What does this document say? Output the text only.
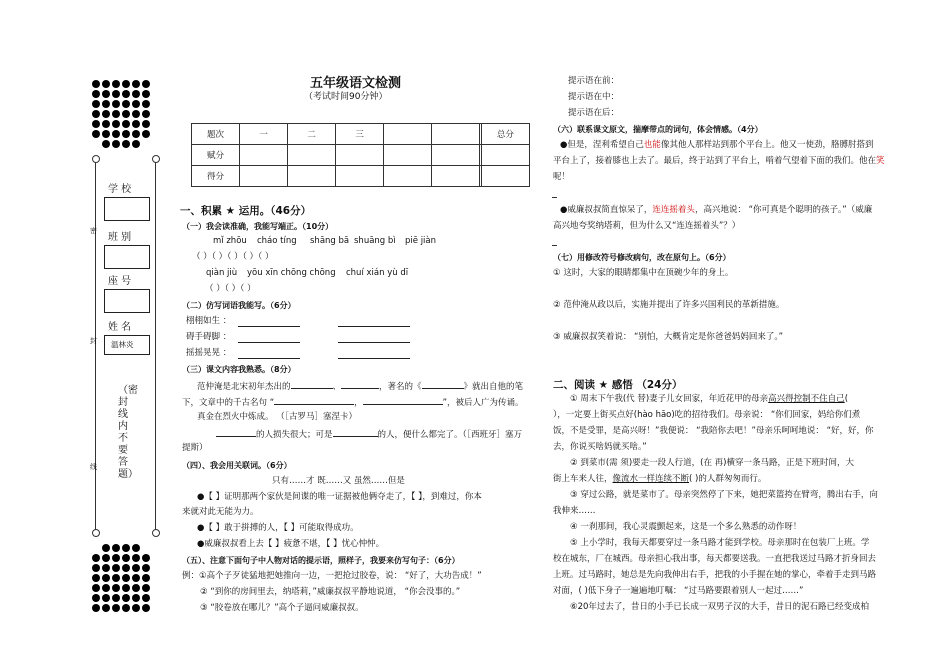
密
封
线
学 校
班 别
座 号
姓 名
温林炎
（密封线内不要答题）
五年级语文检测
（考试时间90分钟）
题次	一	二	三				总分
赋分							
得分							
一、积累 ★ 运用。（46分）
（一）我会读准确，我能写端正。（10分）
mǐ zhōu cháo tíng shāng bā shuāng bì piē jiàn
（ ）（ ）（ ）（ ）（ ）
qiàn jiù yōu xīn chōng chōng chuí xián yù dī
（ ）（ ）（ ）
（二）仿写词语我能写。（6分）
栩栩如生 ：
碍手碍脚 ：
摇摇晃晃 ：
（三）课文内容我熟悉。（8分）
范仲淹是北宋初年杰出的	、	，著名的《	》就出自他的笔
下，文章中的千古名句 “	，	”，被后人广为传诵。
真金在烈火中炼成。 （［古罗马］塞涅卡）
的人损失很大；可是	的人，便什么都完了。（［西班牙］塞万
提斯）
（四）、我会用关联词。（6分）
只有……才 既……又 虽然……但是
●【 】证明那两个家伙是间谍的唯一证据被他俩夺走了，【 】，到难过，你本
来就对此无能为力。
●【 】敢于拼搏的人，【 】可能取得成功。
●威廉叔叔看上去【 】疲惫不堪，【 】忧心忡忡。
（五）、注意下面句子中人物对话的提示语，照样子，我要来仿写句子：（6分）
例：①高个子歹徒猛地把她推向一边，一把抢过胶卷，说： “好了，大功告成！”
② “到你的房间里去，纳塔莉，”威廉叔叔平静地说道， “你会没事的。”
③ “胶卷放在哪儿？”高个子逼问威廉叔叔。
提示语在前：
提示语在中：
提示语在后：
（六）联系课文原文，揣摩带点的词句，体会情感。（4分）
●但是，涅利希望自己也能像其他人那样站到那个平台上。他又一使劲，胳膊肘搭到
平台上了，接着膝也上去了。最后，终于站到了平台上，啃着气望着下面的我们。他在笑
呢！
●威廉叔叔简直惊呆了，连连摇着头，高兴地说： “你可真是个聪明的孩子。”（威廉
高兴地夸奖纳塔莉，但为什么又“连连摇着头”？）
（七）用修改符号修改病句，改在原句上。（6分）
① 这时，大家的眼睛都集中在顶碗少年的身上。
② 范仲淹从政以后，实施并提出了许多兴国利民的革新措施。
③ 威廉叔叔笑着说： “别怕，大概肯定是你爸爸妈妈回来了。”
二、阅读 ★ 感悟 （24分）
① 周末下午我(代 替)妻子儿女回家，年近花甲的母亲高兴得控制不住自己(
），一定要上街买点好(hào hāo)吃的招待我们。母亲说： “你们回家，妈给你们煮
饭，不是受罪，是高兴呀！”我便说： “我陪你去吧！”母亲乐呵呵地说： “好，好，你
去，你说买啥妈就买啥。”
② 到菜市(需 须)要走一段人行道，(在 再)横穿一条马路，正是下班时间，大
街上车来人往，像流水一样连续不断( )的人群匆匆而行。
③ 穿过公路，就是菜市了。母亲突然停了下来，她把菜篮挎在臂弯，腾出右手，向
我伸来……
④ 一刹那间，我心灵震颤起来，这是一个多么熟悉的动作呀！
⑤ 上小学时，我每天都要穿过一条马路才能到学校。母亲那时在包装厂上班。学
校在城东，厂在城西。母亲担心我出事，每天都要送我。一直把我送过马路才折身回去
上班。过马路时，她总是先向我伸出右手，把我的小手握在她的掌心，牵着手走到马路
对面，( )低下身子一遍遍地叮嘱： “过马路要跟着别人一起过……”
⑥20年过去了，昔日的小手已长成一双男子汉的大手，昔日的泥石路已经变成柏
